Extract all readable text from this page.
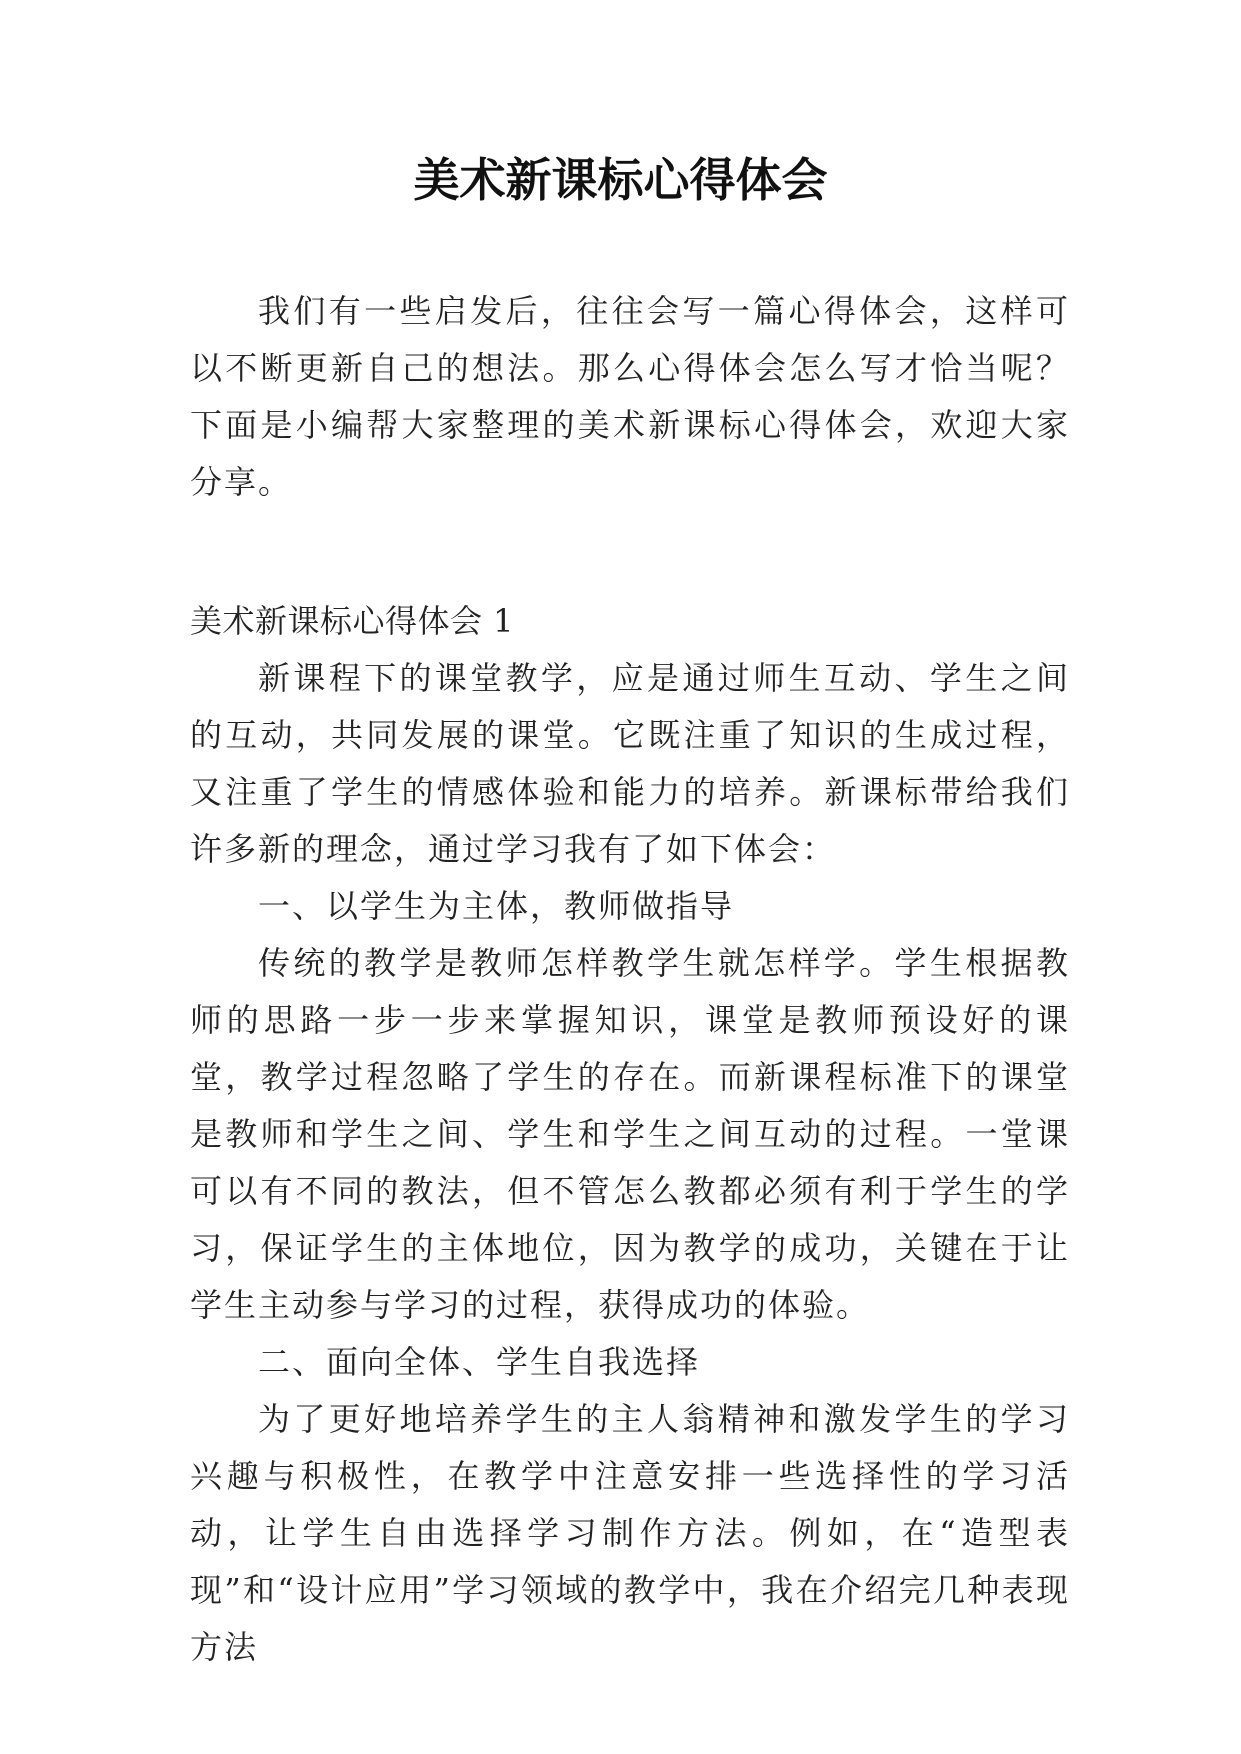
美术新课标心得体会

我们有一些启发后，往往会写一篇心得体会，这样可以不断更新自己的想法。那么心得体会怎么写才恰当呢？下面是小编帮大家整理的美术新课标心得体会，欢迎大家分享。

美术新课标心得体会 1

新课程下的课堂教学，应是通过师生互动、学生之间的互动，共同发展的课堂。它既注重了知识的生成过程，又注重了学生的情感体验和能力的培养。新课标带给我们许多新的理念，通过学习我有了如下体会：

一、以学生为主体，教师做指导

传统的教学是教师怎样教学生就怎样学。学生根据教师的思路一步一步来掌握知识，课堂是教师预设好的课堂，教学过程忽略了学生的存在。而新课程标准下的课堂是教师和学生之间、学生和学生之间互动的过程。一堂课可以有不同的教法，但不管怎么教都必须有利于学生的学习，保证学生的主体地位，因为教学的成功，关键在于让学生主动参与学习的过程，获得成功的体验。

二、面向全体、学生自我选择

为了更好地培养学生的主人翁精神和激发学生的学习兴趣与积极性，在教学中注意安排一些选择性的学习活动，让学生自由选择学习制作方法。例如，在“造型表现”和“设计应用”学习领域的教学中，我在介绍完几种表现方法
